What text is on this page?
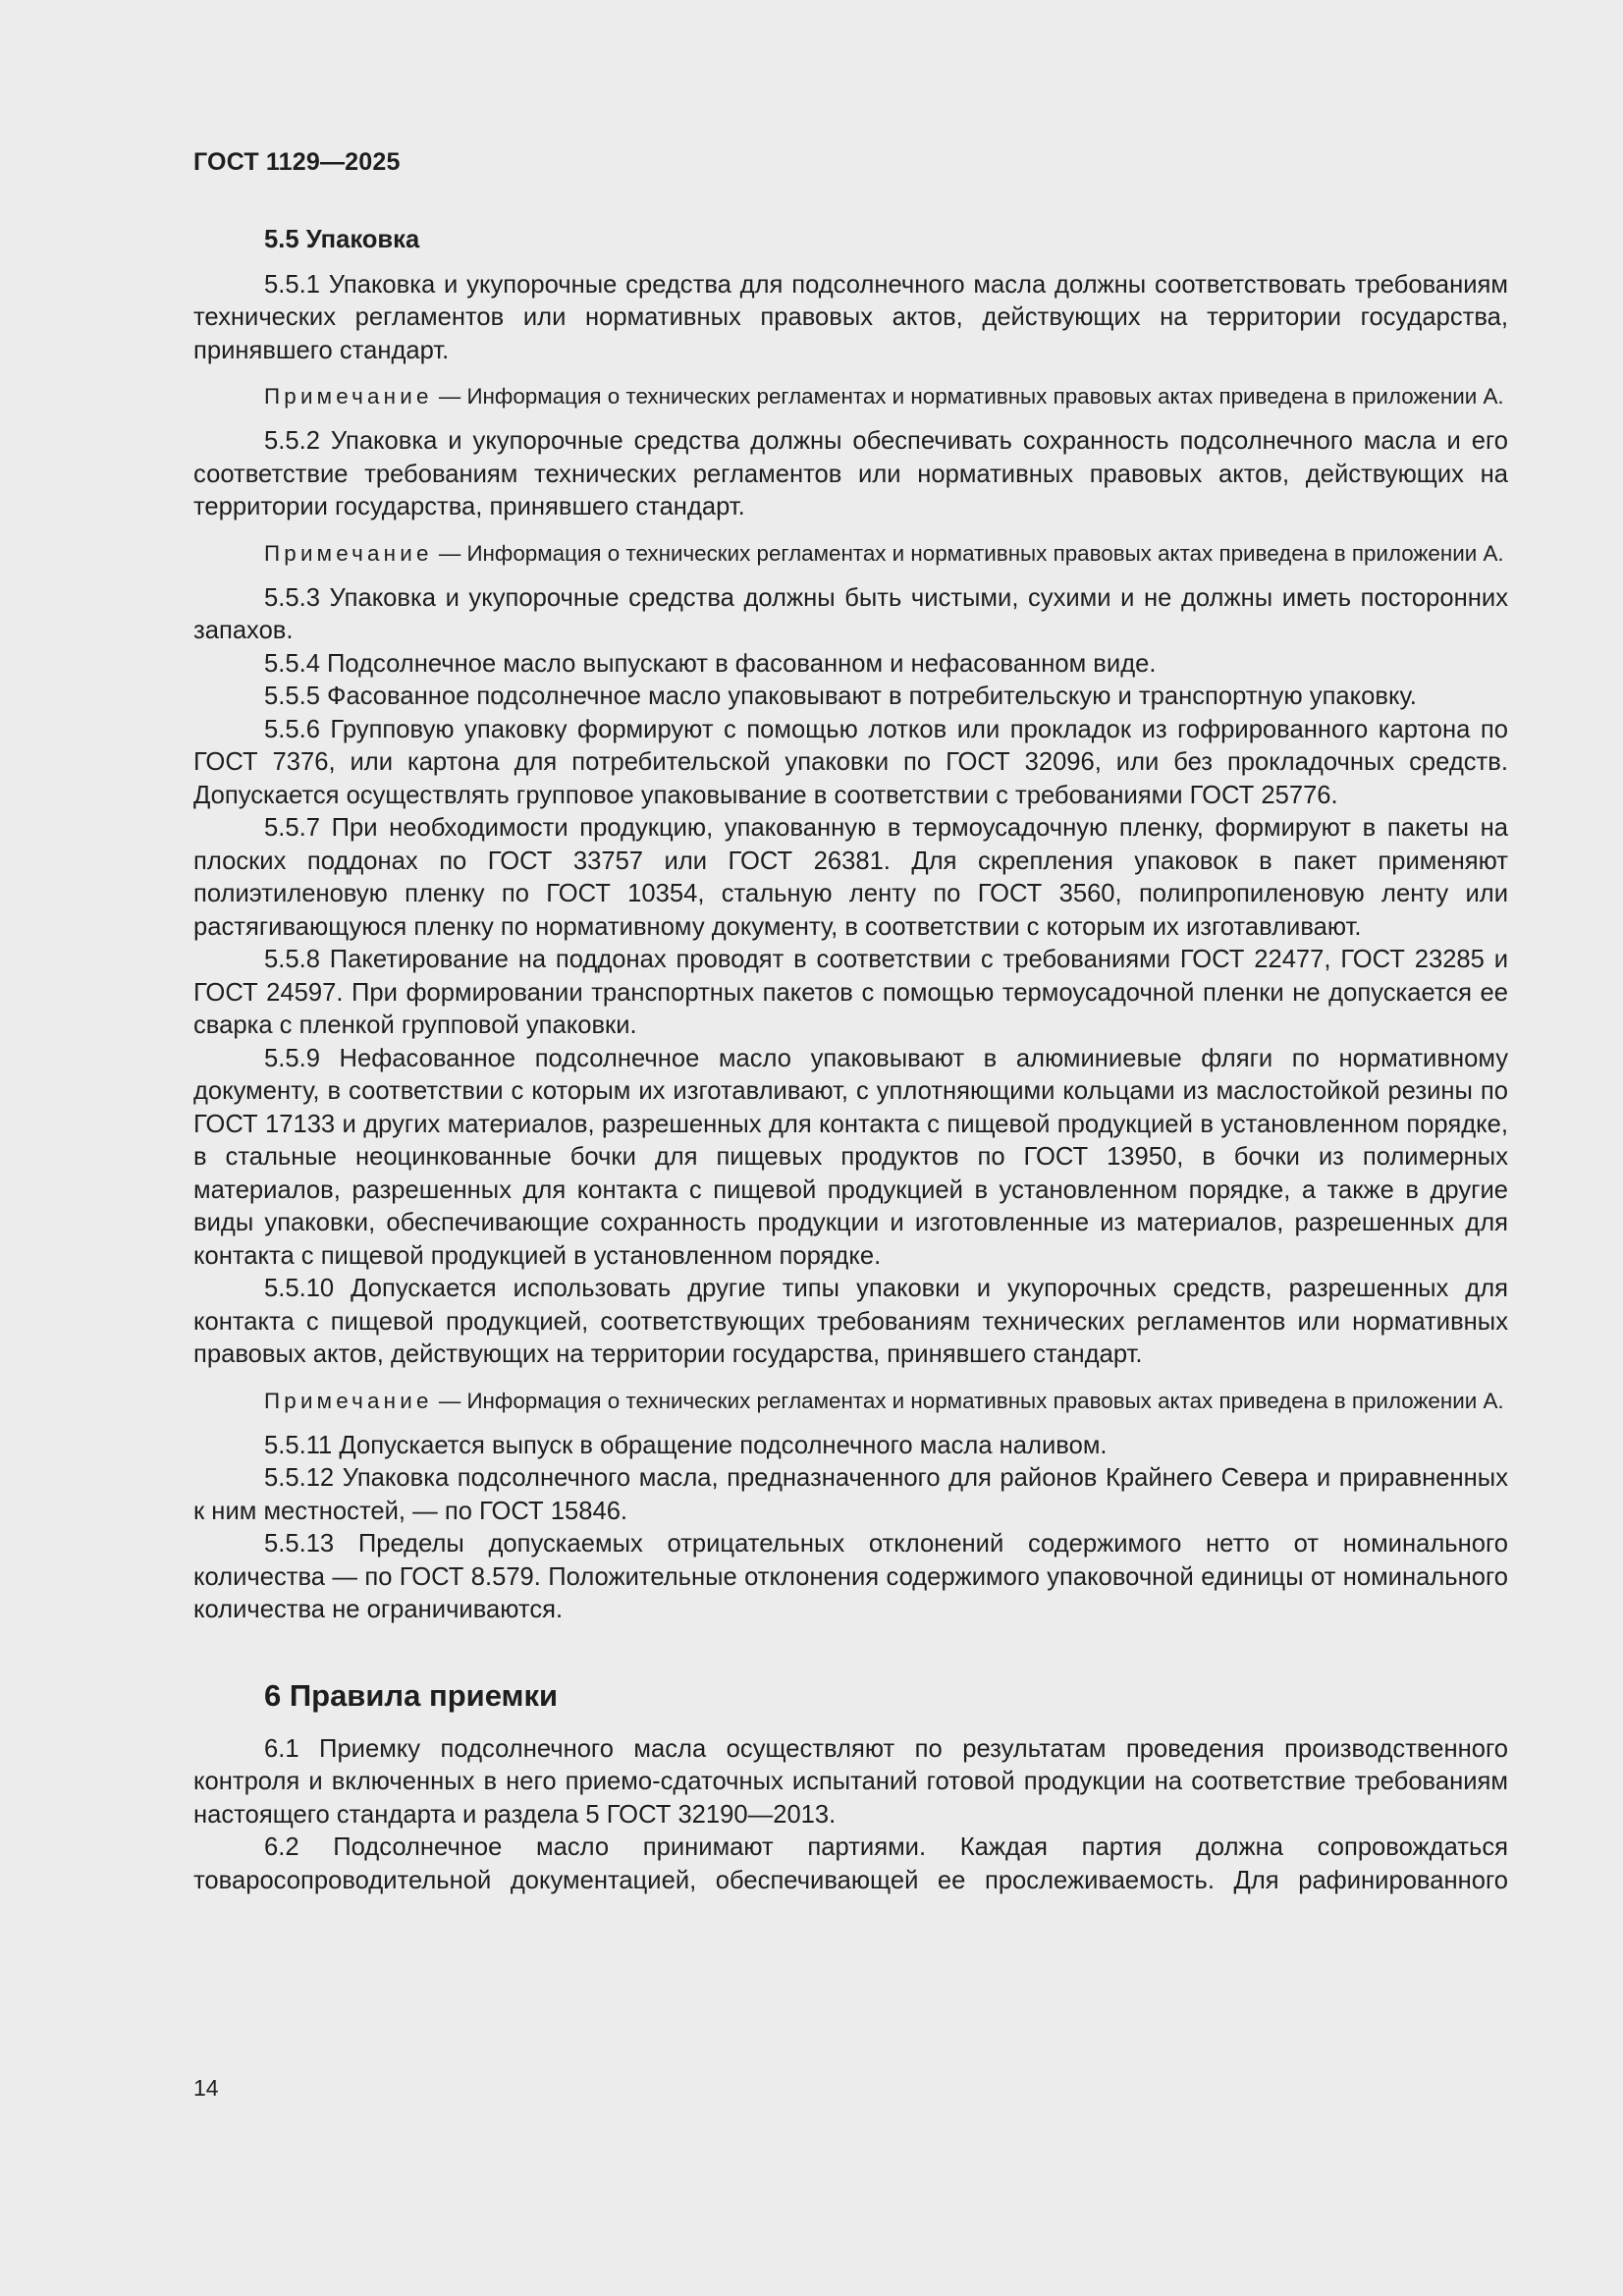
ГОСТ 1129—2025
5.5 Упаковка

5.5.1 Упаковка и укупорочные средства для подсолнечного масла должны соответствовать требованиям технических регламентов или нормативных правовых актов, действующих на территории государства, принявшего стандарт.

Примечание — Информация о технических регламентах и нормативных правовых актах приведена в приложении А.

5.5.2 Упаковка и укупорочные средства должны обеспечивать сохранность подсолнечного масла и его соответствие требованиям технических регламентов или нормативных правовых актов, действующих на территории государства, принявшего стандарт.

Примечание — Информация о технических регламентах и нормативных правовых актах приведена в приложении А.

5.5.3 Упаковка и укупорочные средства должны быть чистыми, сухими и не должны иметь посторонних запахов.

5.5.4 Подсолнечное масло выпускают в фасованном и нефасованном виде.

5.5.5 Фасованное подсолнечное масло упаковывают в потребительскую и транспортную упаковку.

5.5.6 Групповую упаковку формируют с помощью лотков или прокладок из гофрированного картона по ГОСТ 7376, или картона для потребительской упаковки по ГОСТ 32096, или без прокладочных средств. Допускается осуществлять групповое упаковывание в соответствии с требованиями ГОСТ 25776.

5.5.7 При необходимости продукцию, упакованную в термоусадочную пленку, формируют в пакеты на плоских поддонах по ГОСТ 33757 или ГОСТ 26381. Для скрепления упаковок в пакет применяют полиэтиленовую пленку по ГОСТ 10354, стальную ленту по ГОСТ 3560, полипропиленовую ленту или растягивающуюся пленку по нормативному документу, в соответствии с которым их изготавливают.

5.5.8 Пакетирование на поддонах проводят в соответствии с требованиями ГОСТ 22477, ГОСТ 23285 и ГОСТ 24597. При формировании транспортных пакетов с помощью термоусадочной пленки не допускается ее сварка с пленкой групповой упаковки.

5.5.9 Нефасованное подсолнечное масло упаковывают в алюминиевые фляги по нормативному документу, в соответствии с которым их изготавливают, с уплотняющими кольцами из маслостойкой резины по ГОСТ 17133 и других материалов, разрешенных для контакта с пищевой продукцией в установленном порядке, в стальные неоцинкованные бочки для пищевых продуктов по ГОСТ 13950, в бочки из полимерных материалов, разрешенных для контакта с пищевой продукцией в установленном порядке, а также в другие виды упаковки, обеспечивающие сохранность продукции и изготовленные из материалов, разрешенных для контакта с пищевой продукцией в установленном порядке.

5.5.10 Допускается использовать другие типы упаковки и укупорочных средств, разрешенных для контакта с пищевой продукцией, соответствующих требованиям технических регламентов или нормативных правовых актов, действующих на территории государства, принявшего стандарт.

Примечание — Информация о технических регламентах и нормативных правовых актах приведена в приложении А.

5.5.11 Допускается выпуск в обращение подсолнечного масла наливом.

5.5.12 Упаковка подсолнечного масла, предназначенного для районов Крайнего Севера и приравненных к ним местностей, — по ГОСТ 15846.

5.5.13 Пределы допускаемых отрицательных отклонений содержимого нетто от номинального количества — по ГОСТ 8.579. Положительные отклонения содержимого упаковочной единицы от номинального количества не ограничиваются.

6 Правила приемки

6.1 Приемку подсолнечного масла осуществляют по результатам проведения производственного контроля и включенных в него приемо-сдаточных испытаний готовой продукции на соответствие требованиям настоящего стандарта и раздела 5 ГОСТ 32190—2013.

6.2 Подсолнечное масло принимают партиями. Каждая партия должна сопровождаться товаросопроводительной документацией, обеспечивающей ее прослеживаемость. Для рафинированного

14
